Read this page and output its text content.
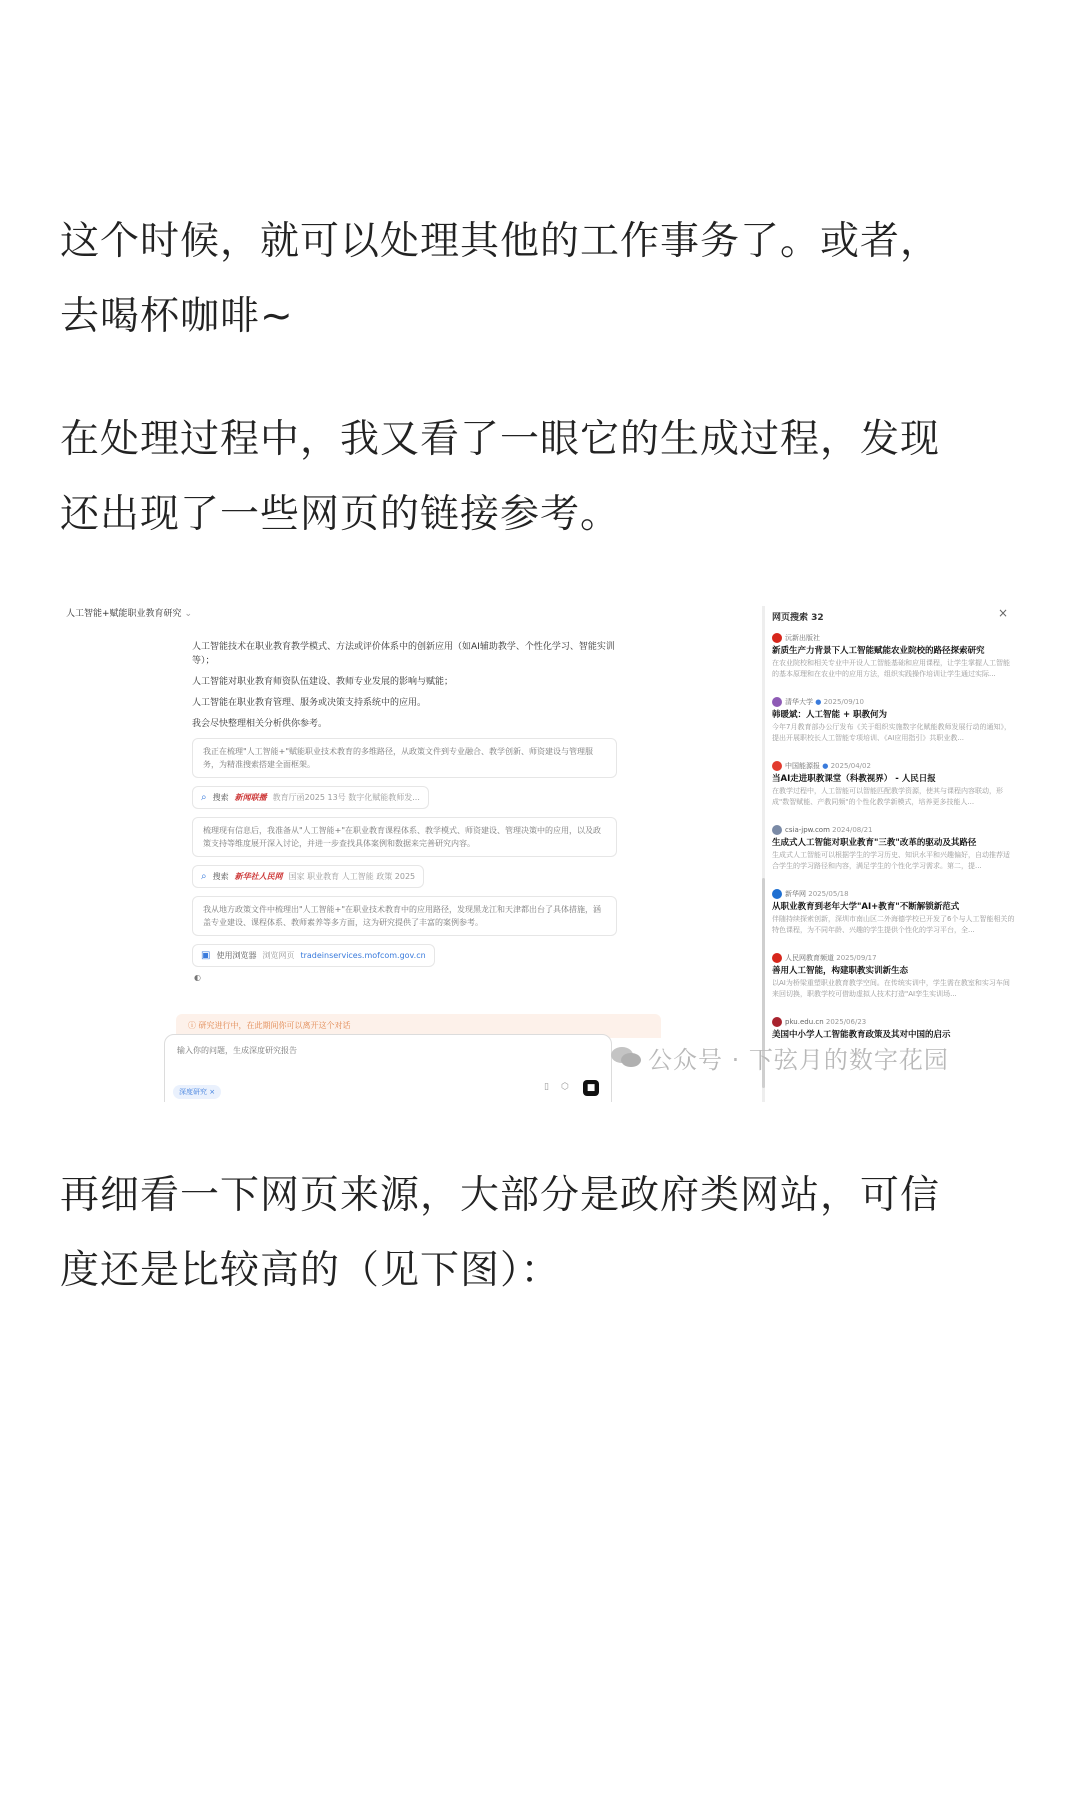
这个时候，就可以处理其他的工作事务了。或者，
去喝杯咖啡~

在处理过程中，我又看了一眼它的生成过程，发现
还出现了一些网页的链接参考。

人工智能+赋能职业教育研究 ⌄

人工智能技术在职业教育教学模式、方法或评价体系中的创新应用（如AI辅助教学、个性化学习、智能实训等）；

人工智能对职业教育师资队伍建设、教师专业发展的影响与赋能；

人工智能在职业教育管理、服务或决策支持系统中的应用。

我会尽快整理相关分析供你参考。

我正在梳理"人工智能+"赋能职业技术教育的多维路径，从政策文件到专业融合、教学创新、师资建设与管理服务，为精准搜索搭建全面框架。
⌕ 搜索 新闻联播 教育厅函2025 13号 数字化赋能教师发...
梳理现有信息后，我准备从"人工智能+"在职业教育课程体系、教学模式、师资建设、管理决策中的应用，以及政策支持等维度展开深入讨论，并进一步查找具体案例和数据来完善研究内容。
⌕ 搜索 新华社人民网 国家 职业教育 人工智能 政策 2025
我从地方政策文件中梳理出"人工智能+"在职业技术教育中的应用路径，发现黑龙江和天津都出台了具体措施，涵盖专业建设、课程体系、教师素养等多方面，这为研究提供了丰富的案例参考。
▣ 使用浏览器 浏览网页 tradeinservices.mofcom.gov.cn
◐
ⓘ 研究进行中，在此期间你可以离开这个对话
输入你的问题，生成深度研究报告
深度研究 ×	▯ ⬡	■
网页搜索 32	×
沅新出版社
新质生产力背景下人工智能赋能农业院校的路径探索研究
在农业院校和相关专业中开设人工智能基础和应用课程，让学生掌握人工智能的基本原理和在农业中的应用方法，组织实践操作培训让学生通过实际...
清华大学 ● 2025/09/10
韩暖斌：人工智能 + 职教何为
今年7月教育部办公厅发布《关于组织实施数字化赋能教师发展行动的通知》，提出开展职校长人工智能专项培训、《AI应用指引》共职业教...
中国能源报 ● 2025/04/02
当AI走进职教课堂（科教视界） - 人民日报
在教学过程中，人工智能可以智能匹配教学资源，使其与课程内容联动，形成"数智赋能、产教同频"的个性化教学新模式，培养更多技能人...
csia-jpw.com 2024/08/21
生成式人工智能对职业教育"三教"改革的驱动及其路径
生成式人工智能可以根据学生的学习历史、知识水平和兴趣偏好，自动推荐适合学生的学习路径和内容，满足学生的个性化学习需求。第二，提...
新华网 2025/05/18
从职业教育到老年大学"AI+教育"不断解锁新范式
伴随持续探索创新，深圳市南山区二外海德学校已开发了6个与人工智能相关的特色课程，为不同年龄、兴趣的学生提供个性化的学习平台，全...
人民网教育频道 2025/09/17
善用人工智能，构建职教实训新生态
以AI为桥梁重塑职业教育教学空间。在传统实训中，学生需在教室和实习车间来回切换，职教学校可借助虚拟人技术打造"AI孪生实训场...
pku.edu.cn 2025/06/23
美国中小学人工智能教育政策及其对中国的启示
公众号 · 下弦月的数字花园

再细看一下网页来源，大部分是政府类网站，可信
度还是比较高的（见下图）：
